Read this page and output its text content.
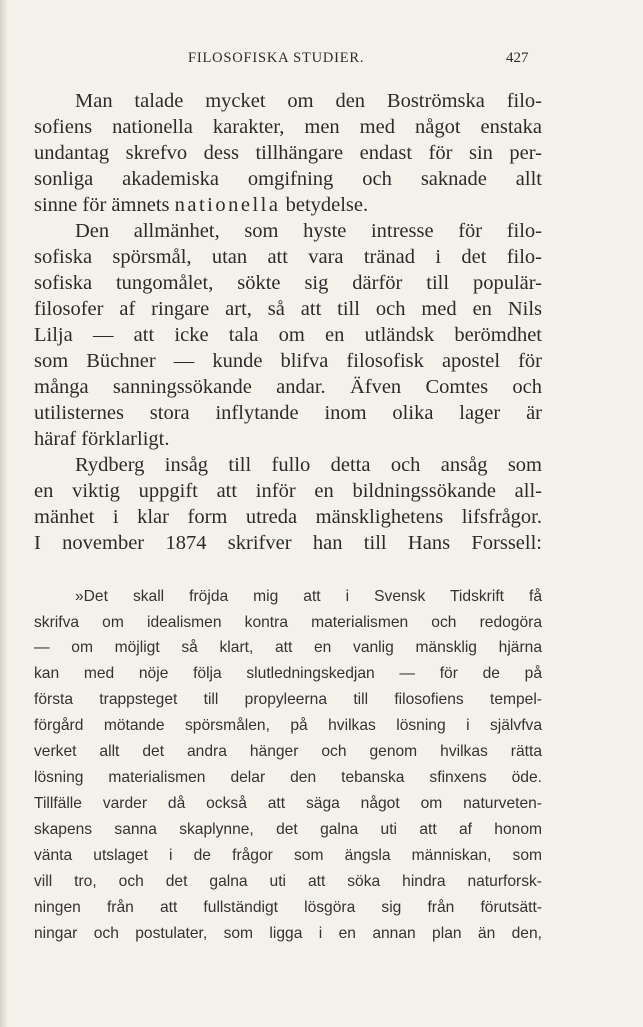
FILOSOFISKA STUDIER.	427
Man talade mycket om den Boströmska filo-
sofiens nationella karakter, men med något enstaka
undantag skrefvo dess tillhängare endast för sin per-
sonliga akademiska omgifning och saknade allt
sinne för ämnets nationella betydelse.
Den allmänhet, som hyste intresse för filo-
sofiska spörsmål, utan att vara tränad i det filo-
sofiska tungomålet, sökte sig därför till populär-
filosofer af ringare art, så att till och med en Nils
Lilja — att icke tala om en utländsk berömdhet
som Büchner — kunde blifva filosofisk apostel för
många sanningssökande andar. Äfven Comtes och
utilisternes stora inflytande inom olika lager är
häraf förklarligt.
Rydberg insåg till fullo detta och ansåg som
en viktig uppgift att inför en bildningssökande all-
mänhet i klar form utreda mänsklighetens lifsfrågor.
I november 1874 skrifver han till Hans Forssell:
»Det skall fröjda mig att i Svensk Tidskrift få
skrifva om idealismen kontra materialismen och redogöra
— om möjligt så klart, att en vanlig mänsklig hjärna
kan med nöje följa slutledningskedjan — för de på
första trappsteget till propyleerna till filosofiens tempel-
förgård mötande spörsmålen, på hvilkas lösning i självfva
verket allt det andra hänger och genom hvilkas rätta
lösning materialismen delar den tebanska sfinxens öde.
Tillfälle varder då också att säga något om naturveten-
skapens sanna skaplynne, det galna uti att af honom
vänta utslaget i de frågor som ängsla människan, som
vill tro, och det galna uti att söka hindra naturforsk-
ningen från att fullständigt lösgöra sig från förutsätt-
ningar och postulater, som ligga i en annan plan än den,
